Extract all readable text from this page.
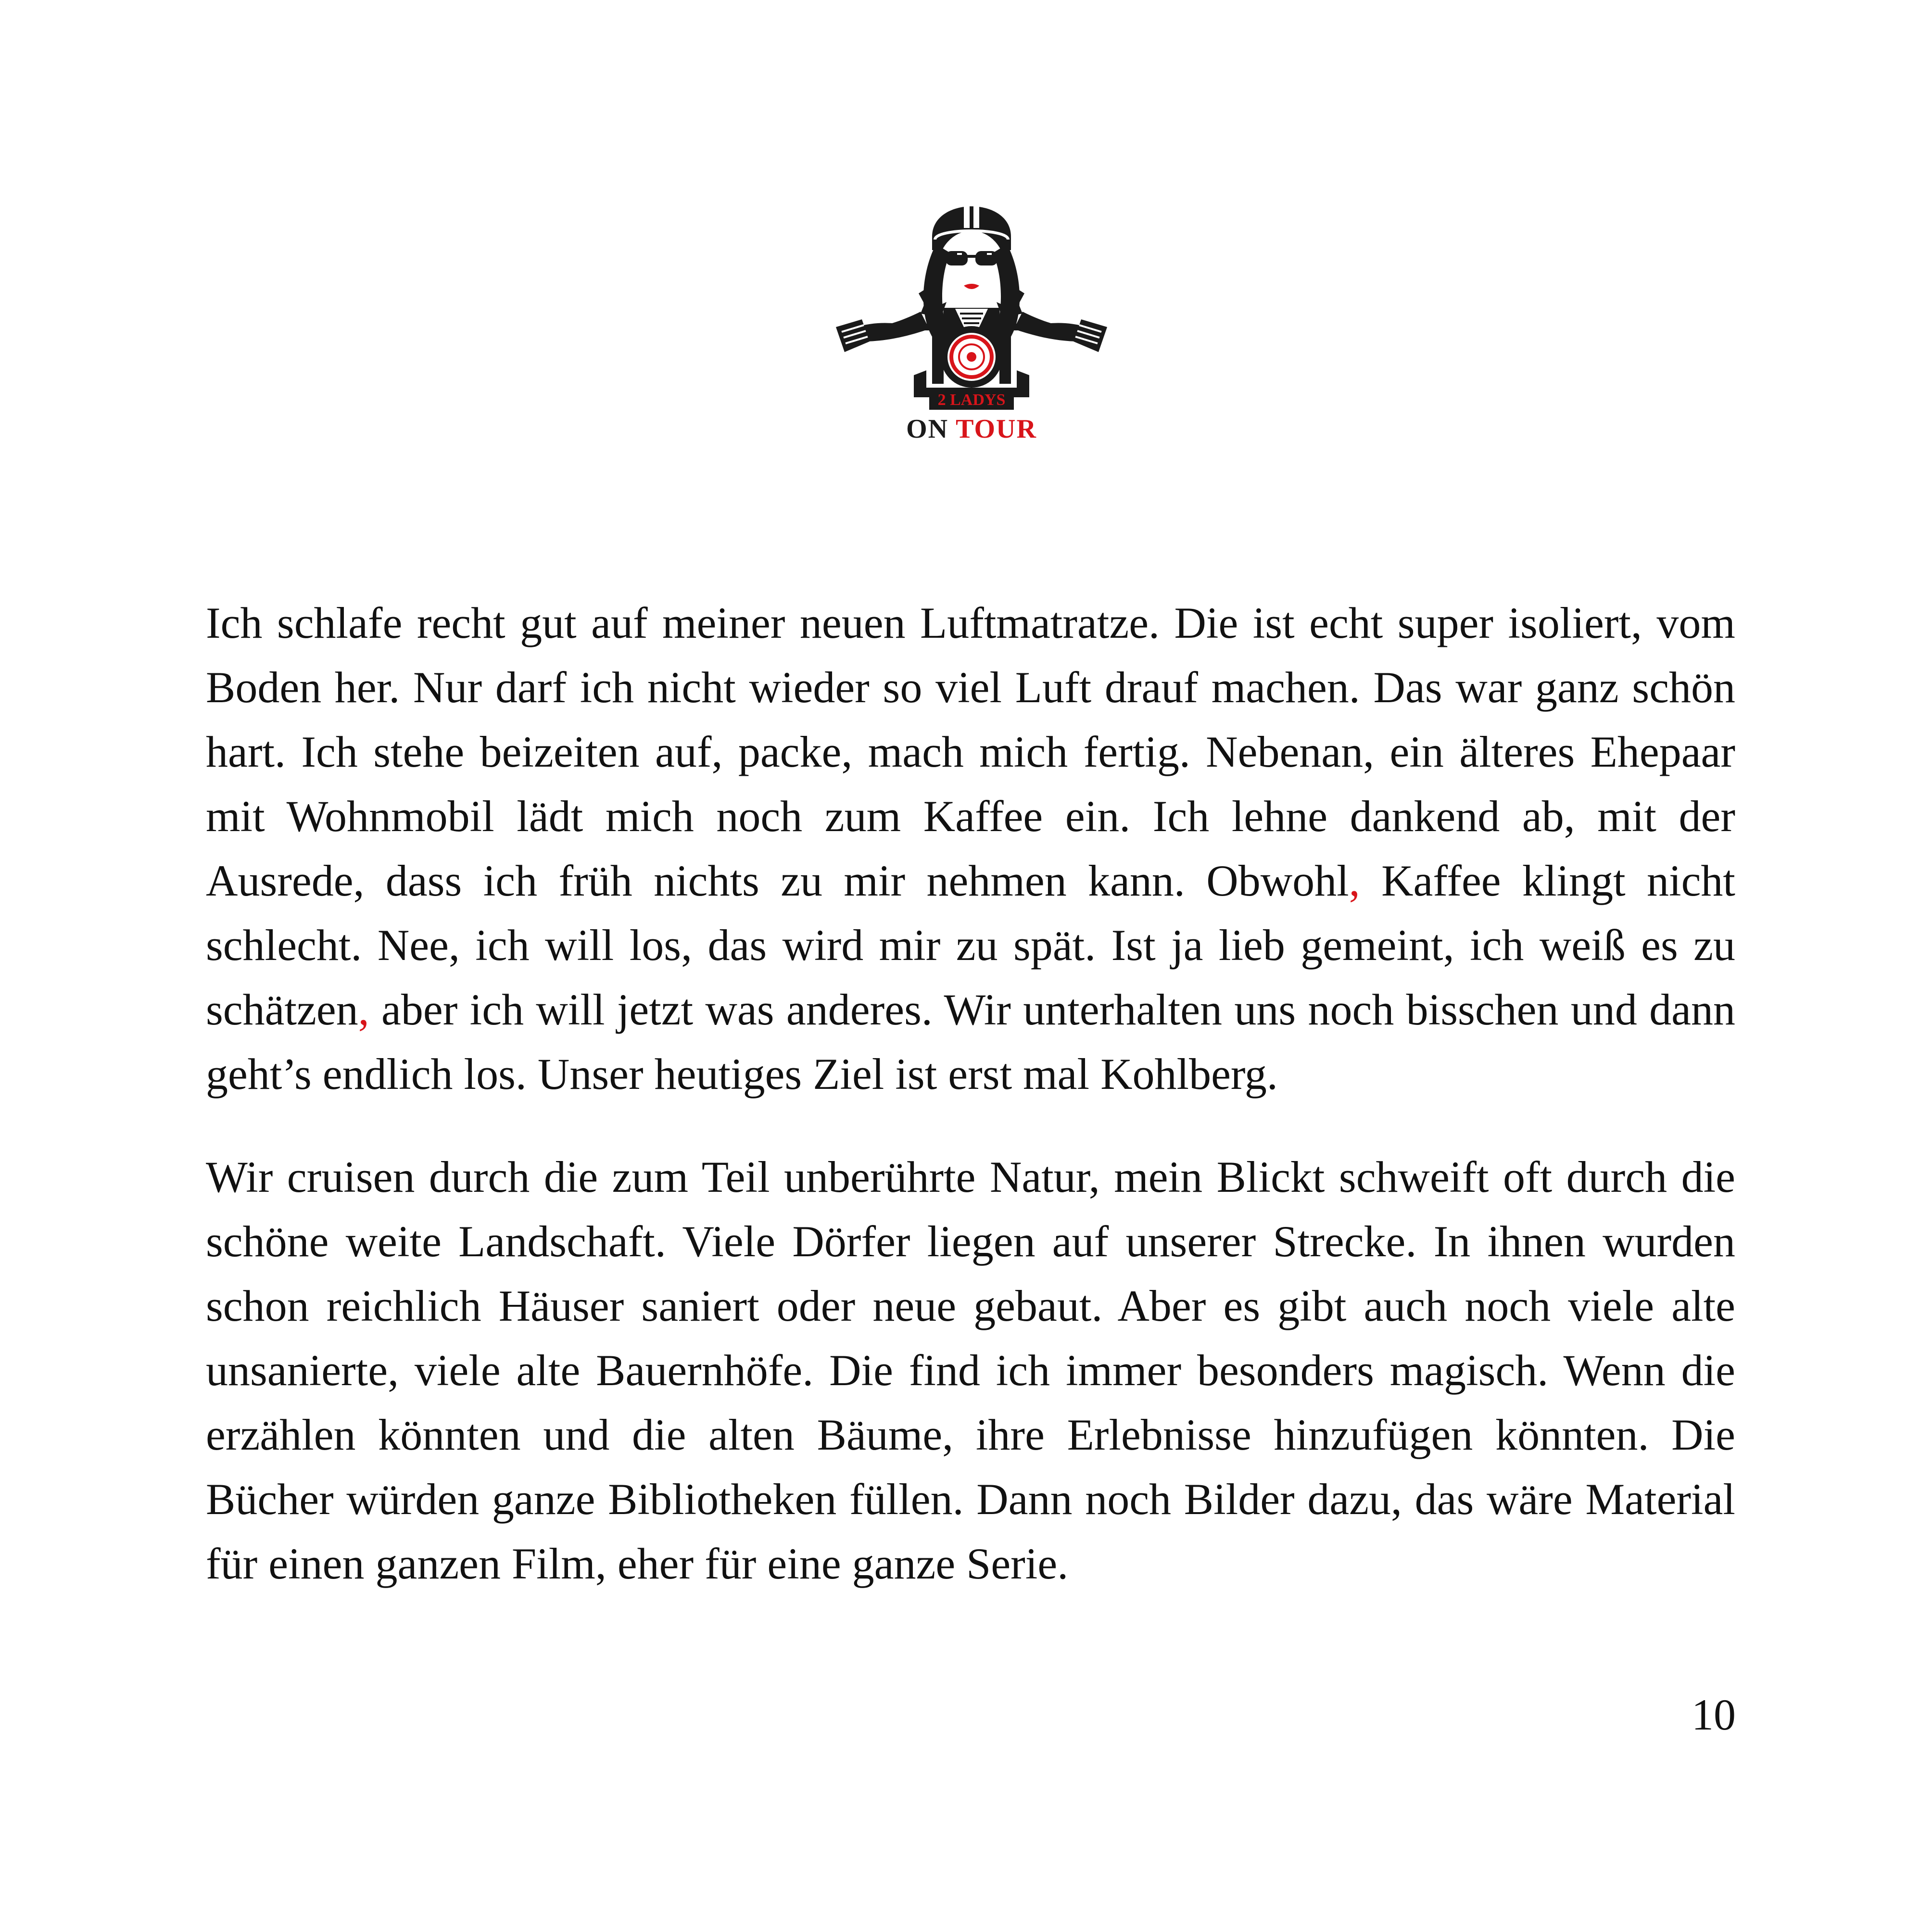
2 LADYS
ON TOUR

Ich schlafe recht gut auf meiner neuen Luftmatratze. Die ist echt super isoliert, vom Boden her. Nur darf ich nicht wieder so viel Luft drauf machen. Das war ganz schön hart. Ich stehe beizeiten auf, packe, mach mich fertig. Nebenan, ein älteres Ehepaar mit Wohnmobil lädt mich noch zum Kaffee ein. Ich lehne dankend ab, mit der Ausrede, dass ich früh nichts zu mir nehmen kann. Obwohl, Kaffee klingt nicht schlecht. Nee, ich will los, das wird mir zu spät. Ist ja lieb gemeint, ich weiß es zu schätzen, aber ich will jetzt was anderes. Wir unterhalten uns noch bisschen und dann geht’s endlich los. Unser heutiges Ziel ist erst mal Kohlberg.

Wir cruisen durch die zum Teil unberührte Natur, mein Blickt schweift oft durch die schöne weite Landschaft. Viele Dörfer liegen auf unserer Strecke. In ihnen wurden schon reichlich Häuser saniert oder neue gebaut. Aber es gibt auch noch viele alte unsanierte, viele alte Bauernhöfe. Die find ich immer besonders magisch. Wenn die erzählen könnten und die alten Bäume, ihre Erlebnisse hinzufügen könnten. Die Bücher würden ganze Bibliotheken füllen. Dann noch Bilder dazu, das wäre Material für einen ganzen Film, eher für eine ganze Serie.

10
